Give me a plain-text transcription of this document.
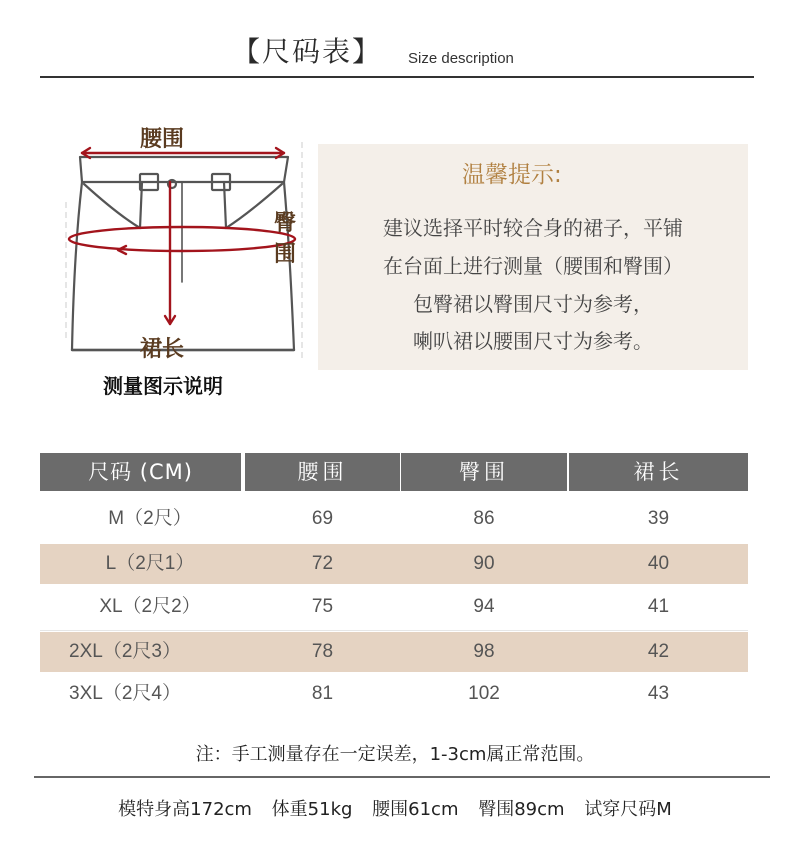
【尺码表】 Size description
腰围
臀
围
裙长
测量图示说明
温馨提示:
建议选择平时较合身的裙子，平铺
在台面上进行测量（腰围和臀围）
包臀裙以臀围尺寸为参考，
喇叭裙以腰围尺寸为参考。
尺码 (CM)	腰围	臀围	裙长
M（2尺）	69	86	39
L（2尺1）	72	90	40
XL（2尺2）	75	94	41
2XL（2尺3）	78	98	42
3XL（2尺4）	81	102	43
注：手工测量存在一定误差，1-3cm属正常范围。
模特身高172cm 体重51kg 腰围61cm 臀围89cm 试穿尺码M
